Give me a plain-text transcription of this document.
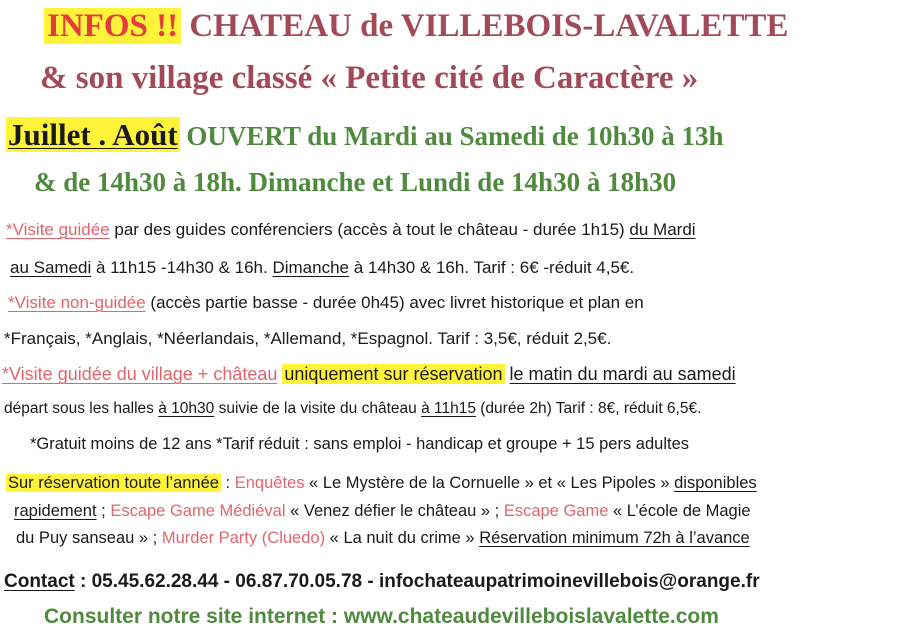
INFOS !! CHATEAU de VILLEBOIS-LAVALETTE
& son village classé « Petite cité de Caractère »
Juillet . Août OUVERT du Mardi au Samedi de 10h30 à 13h
& de 14h30 à 18h. Dimanche et Lundi de 14h30 à 18h30
*Visite guidée par des guides conférenciers (accès à tout le château - durée 1h15) du Mardi
au Samedi à 11h15 -14h30 & 16h. Dimanche à 14h30 & 16h. Tarif : 6€ -réduit 4,5€.
*Visite non-guidée (accès partie basse - durée 0h45) avec livret historique et plan en
*Français, *Anglais, *Néerlandais, *Allemand, *Espagnol. Tarif : 3,5€, réduit 2,5€.
*Visite guidée du village + château uniquement sur réservation le matin du mardi au samedi
départ sous les halles à 10h30 suivie de la visite du château à 11h15 (durée 2h) Tarif : 8€, réduit 6,5€.
*Gratuit moins de 12 ans *Tarif réduit : sans emploi - handicap et groupe + 15 pers adultes
Sur réservation toute l’année : Enquêtes « Le Mystère de la Cornuelle » et « Les Pipoles » disponibles
rapidement ; Escape Game Médiéval « Venez défier le château » ; Escape Game « L’école de Magie
du Puy sanseau » ; Murder Party (Cluedo) « La nuit du crime » Réservation minimum 72h à l’avance
Contact : 05.45.62.28.44 - 06.87.70.05.78 - infochateaupatrimoinevillebois@orange.fr
Consulter notre site internet : www.chateaudevilleboislavalette.com
